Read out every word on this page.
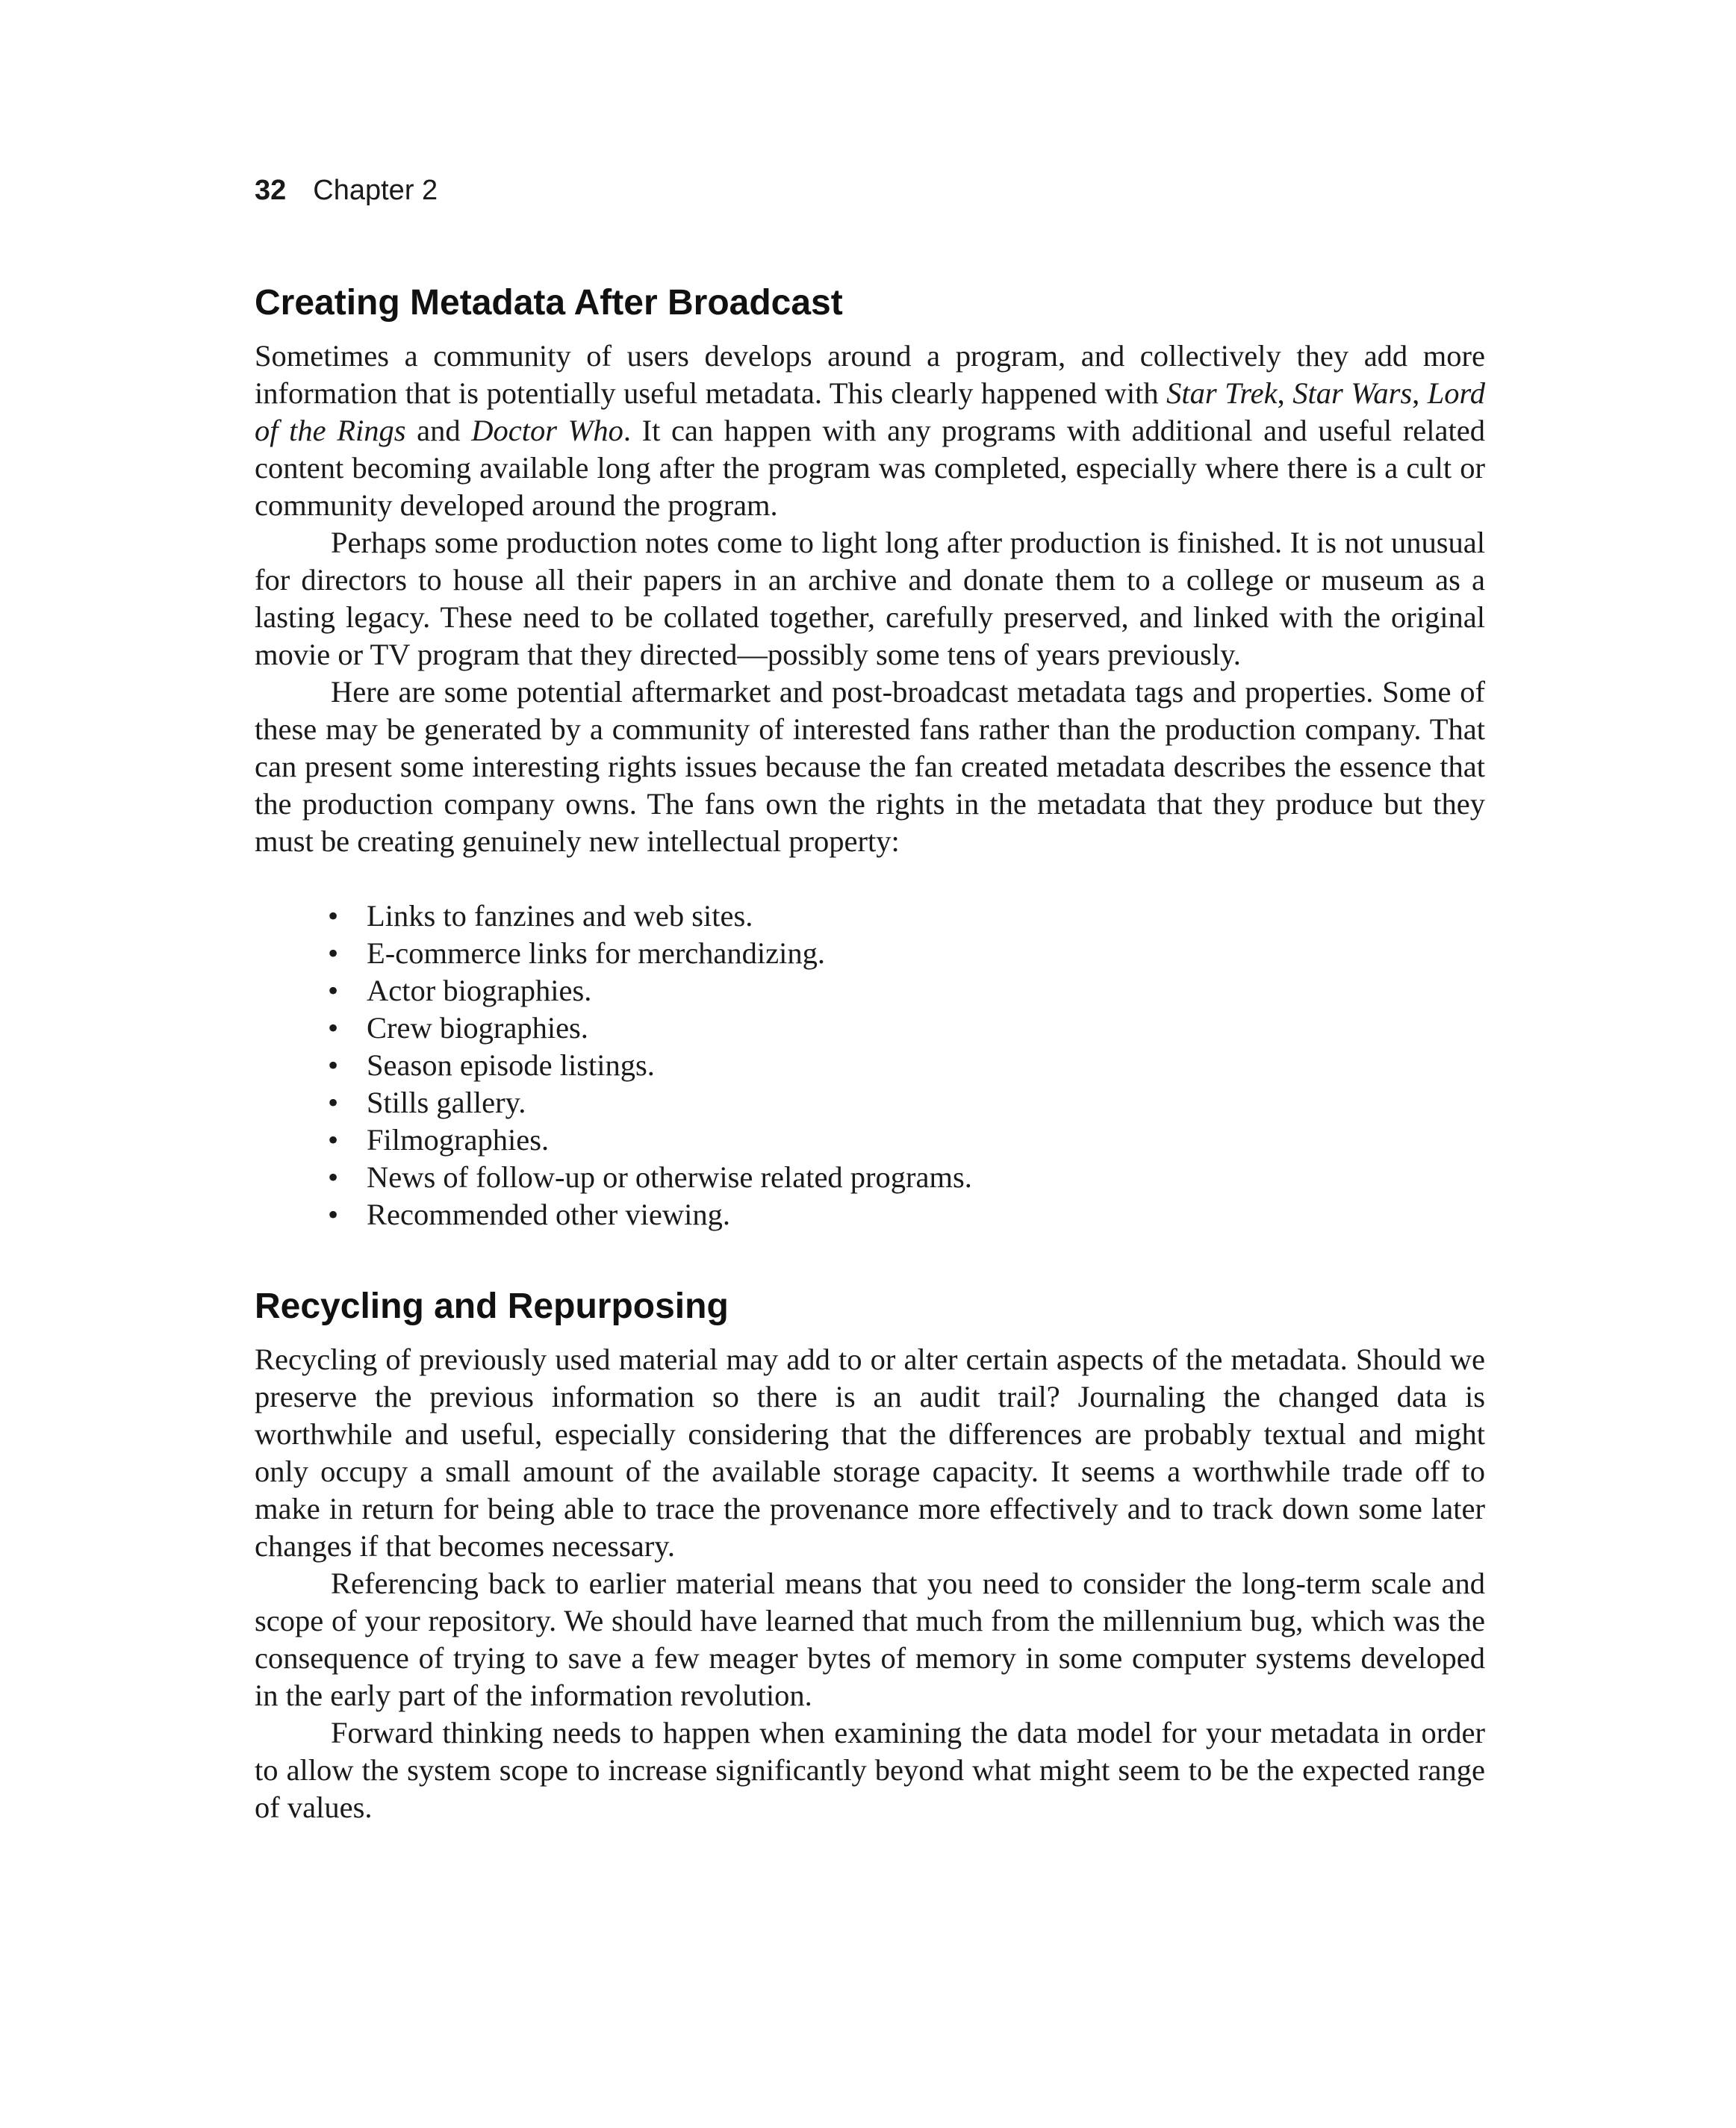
32 Chapter 2
Creating Metadata After Broadcast

Sometimes a community of users develops around a program, and collectively they add more information that is potentially useful metadata. This clearly happened with Star Trek, Star Wars, Lord of the Rings and Doctor Who. It can happen with any programs with additional and useful related content becoming available long after the program was completed, especially where there is a cult or community developed around the program.

Perhaps some production notes come to light long after production is finished. It is not unusual for directors to house all their papers in an archive and donate them to a college or museum as a lasting legacy. These need to be collated together, carefully preserved, and linked with the original movie or TV program that they directed—possibly some tens of years previously.

Here are some potential aftermarket and post-broadcast metadata tags and properties. Some of these may be generated by a community of interested fans rather than the production company. That can present some interesting rights issues because the fan created metadata describes the essence that the production company owns. The fans own the rights in the metadata that they produce but they must be creating genuinely new intellectual property:

• Links to fanzines and web sites.
• E-commerce links for merchandizing.
• Actor biographies.
• Crew biographies.
• Season episode listings.
• Stills gallery.
• Filmographies.
• News of follow-up or otherwise related programs.
• Recommended other viewing.
Recycling and Repurposing

Recycling of previously used material may add to or alter certain aspects of the metadata. Should we preserve the previous information so there is an audit trail? Journaling the changed data is worthwhile and useful, especially considering that the differences are probably textual and might only occupy a small amount of the available storage capacity. It seems a worthwhile trade off to make in return for being able to trace the provenance more effectively and to track down some later changes if that becomes necessary.

Referencing back to earlier material means that you need to consider the long-term scale and scope of your repository. We should have learned that much from the millennium bug, which was the consequence of trying to save a few meager bytes of memory in some computer systems developed in the early part of the information revolution.

Forward thinking needs to happen when examining the data model for your metadata in order to allow the system scope to increase significantly beyond what might seem to be the expected range of values.
